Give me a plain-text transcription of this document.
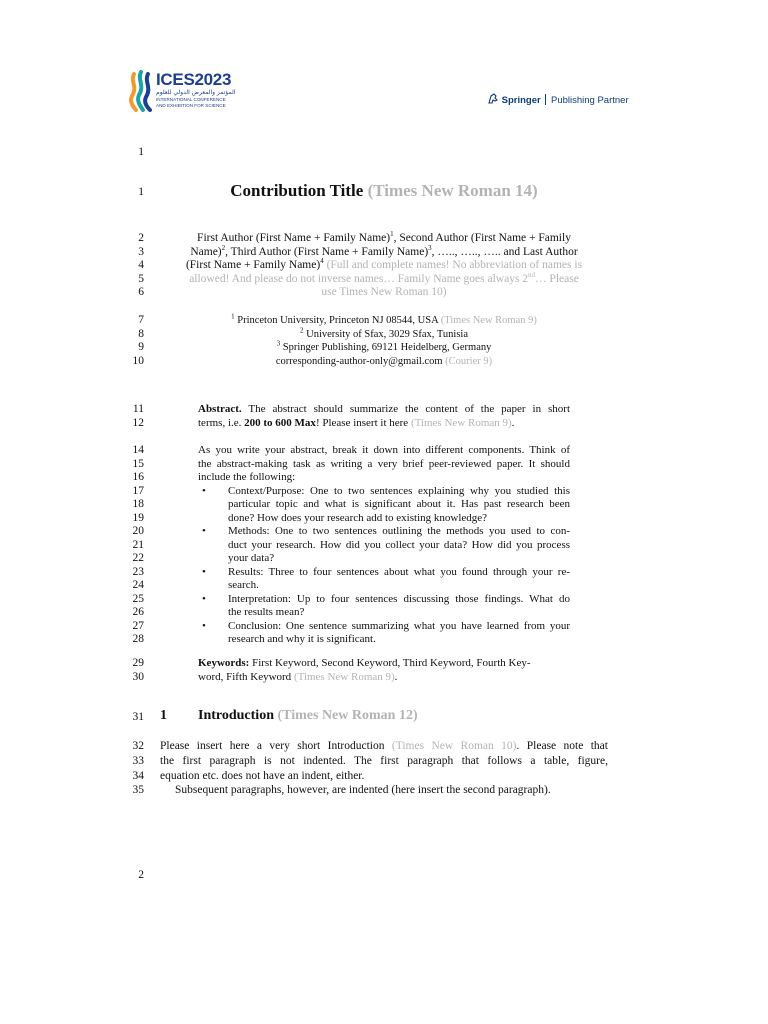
ICES2023
المؤتمر والمعرض الدولي للعلوم
INTERNATIONAL CONFERENCE
AND EXHIBITION FOR SCIENCE	Springer Publishing Partner
1
1	Contribution Title (Times New Roman 14)
2
3
4
5
6
First Author (First Name + Family Name)$^1$, Second Author (First Name + Family
Name)$^2$, Third Author (First Name + Family Name)$^3$, ….., ….., ….. and Last Author
(First Name + Family Name)$^4$ (Full and complete names! No abbreviation of names is
allowed! And please do not inverse names… Family Name goes always 2nd… Please
use Times New Roman 10)
7
8
9
10
$^1$ Princeton University, Princeton NJ 08544, USA (Times New Roman 9)
$^2$ University of Sfax, 3029 Sfax, Tunisia
$^3$ Springer Publishing, 69121 Heidelberg, Germany
corresponding-author-only@gmail.com (Courier 9)
11
12
Abstract. The abstract should summarize the content of the paper in short
terms, i.e. 200 to 600 Max! Please insert it here (Times New Roman 9).
14
15
16
17
18
19
20
21
22
23
24
25
26
27
28
As you write your abstract, break it down into different components. Think of
the abstract-making task as writing a very brief peer-reviewed paper. It should
include the following:
• Context/Purpose: One to two sentences explaining why you studied this
particular topic and what is significant about it. Has past research been
done? How does your research add to existing knowledge?
• Methods: One to two sentences outlining the methods you used to con-
duct your research. How did you collect your data? How did you process
your data?
• Results: Three to four sentences about what you found through your re-
search.
• Interpretation: Up to four sentences discussing those findings. What do
the results mean?
• Conclusion: One sentence summarizing what you have learned from your
research and why it is significant.
29
30
Keywords: First Keyword, Second Keyword, Third Keyword, Fourth Key-
word, Fifth Keyword (Times New Roman 9).
31 1 Introduction (Times New Roman 12)
32
33
34
35
Please insert here a very short Introduction (Times New Roman 10). Please note that
the first paragraph is not indented. The first paragraph that follows a table, figure,
equation etc. does not have an indent, either.
Subsequent paragraphs, however, are indented (here insert the second paragraph).
2
